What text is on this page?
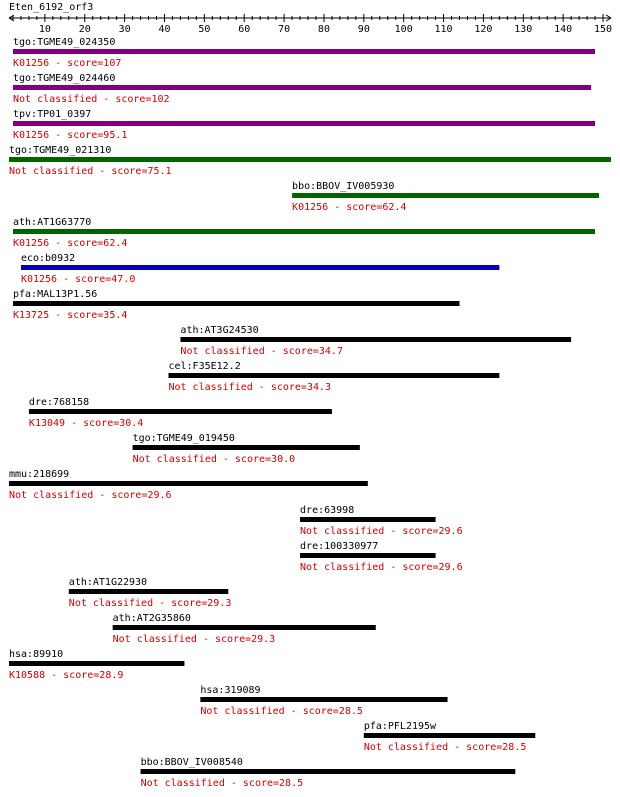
Eten_6192_orf3
10	20	30	40	50	60	70	80	90 100 110 120 130 140 150
tgo:TGME49_024350
K01256 - score=107
tgo:TGME49_024460
Not classified - score=102
tpv:TP01_0397
K01256 - score=95.1
tgo:TGME49_021310
Not classified - score=75.1
bbo:BBOV_IV005930
K01256 - score=62.4
ath:AT1G63770
K01256 - score=62.4
eco:b0932
K01256 - score=47.0
pfa:MAL13P1.56
K13725 - score=35.4
ath:AT3G24530
Not classified - score=34.7
cel:F35E12.2
Not classified - score=34.3
dre:768158
K13049 - score=30.4
tgo:TGME49_019450
Not classified - score=30.0
mmu:218699
Not classified - score=29.6
dre:63998
Not classified - score=29.6
dre:100330977
Not classified - score=29.6
ath:AT1G22930
Not classified - score=29.3
ath:AT2G35860
Not classified - score=29.3
hsa:89910
K10588 - score=28.9
hsa:319089
Not classified - score=28.5
pfa:PFL2195w
Not classified - score=28.5
bbo:BBOV_IV008540
Not classified - score=28.5
